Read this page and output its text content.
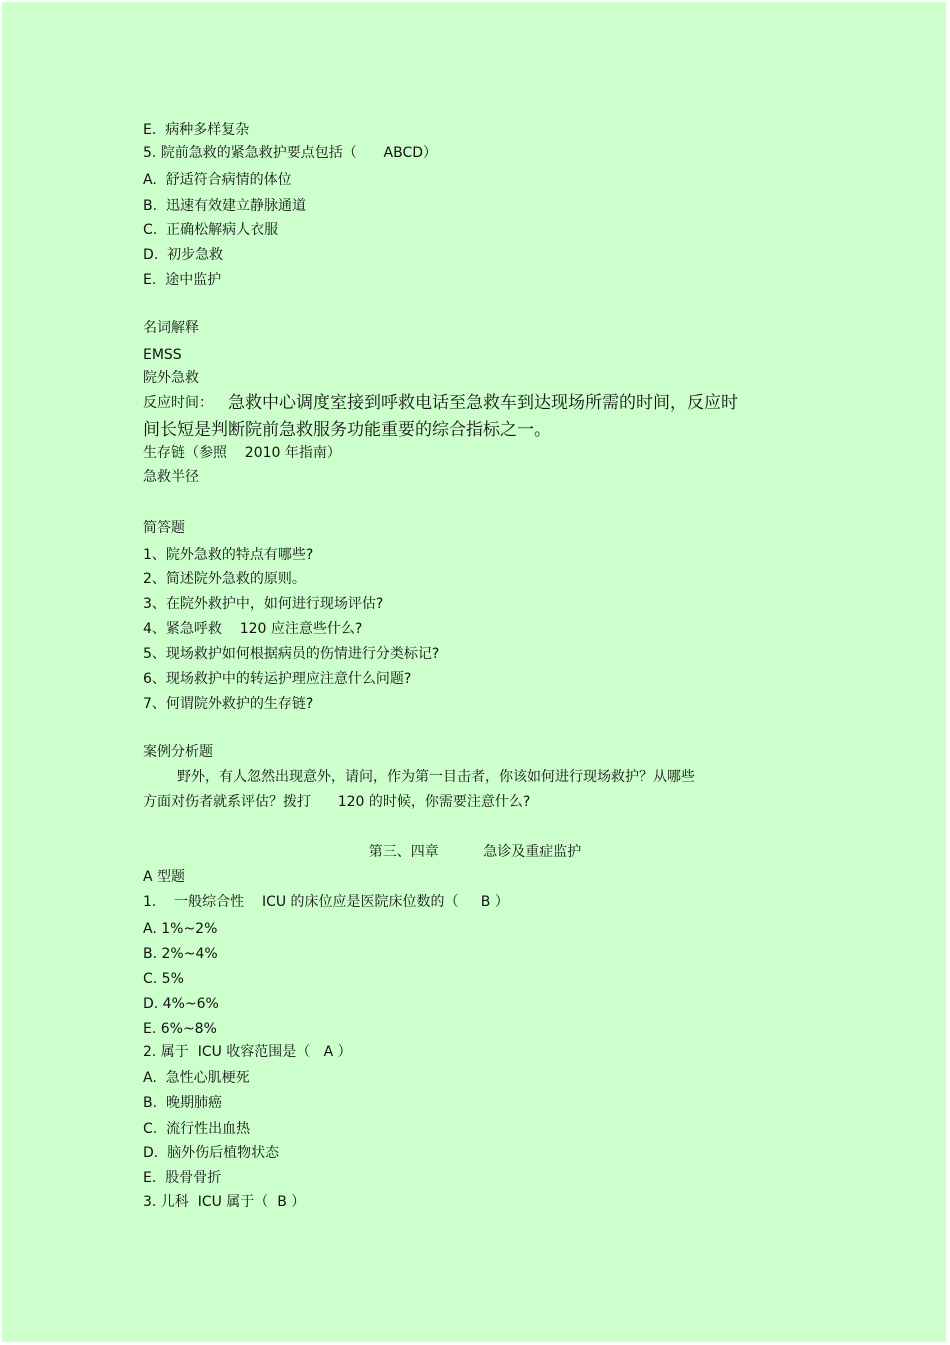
E.  病种多样复杂
5. 院前急救的紧急救护要点包括（      ABCD）
A.  舒适符合病情的体位
B.  迅速有效建立静脉通道
C.  正确松解病人衣服
D.  初步急救
E.  途中监护
名词解释
EMSS
院外急救
反应时间： 急救中心调度室接到呼救电话至急救车到达现场所需的时间，反应时
间长短是判断院前急救服务功能重要的综合指标之一。
生存链（参照    2010 年指南）
急救半径
简答题
1、院外急救的特点有哪些?
2、简述院外急救的原则。
3、在院外救护中，如何进行现场评估?
4、紧急呼救    120 应注意些什么?
5、现场救护如何根据病员的伤情进行分类标记?
6、现场救护中的转运护理应注意什么问题?
7、何谓院外救护的生存链?
案例分析题
野外，有人忽然出现意外，请问，作为第一目击者，你该如何进行现场救护？从哪些
方面对伤者就系评估？拨打      120 的时候，你需要注意什么?
第三、四章          急诊及重症监护
A 型题
1.    一般综合性    ICU 的床位应是医院床位数的（     B ）
A. 1%~2%
B. 2%~4%
C. 5%
D. 4%~6%
E. 6%~8%
2. 属于  ICU 收容范围是（   A ）
A.  急性心肌梗死
B.  晚期肺癌
C.  流行性出血热
D.  脑外伤后植物状态
E.  股骨骨折
3. 儿科  ICU 属于（  B ）
